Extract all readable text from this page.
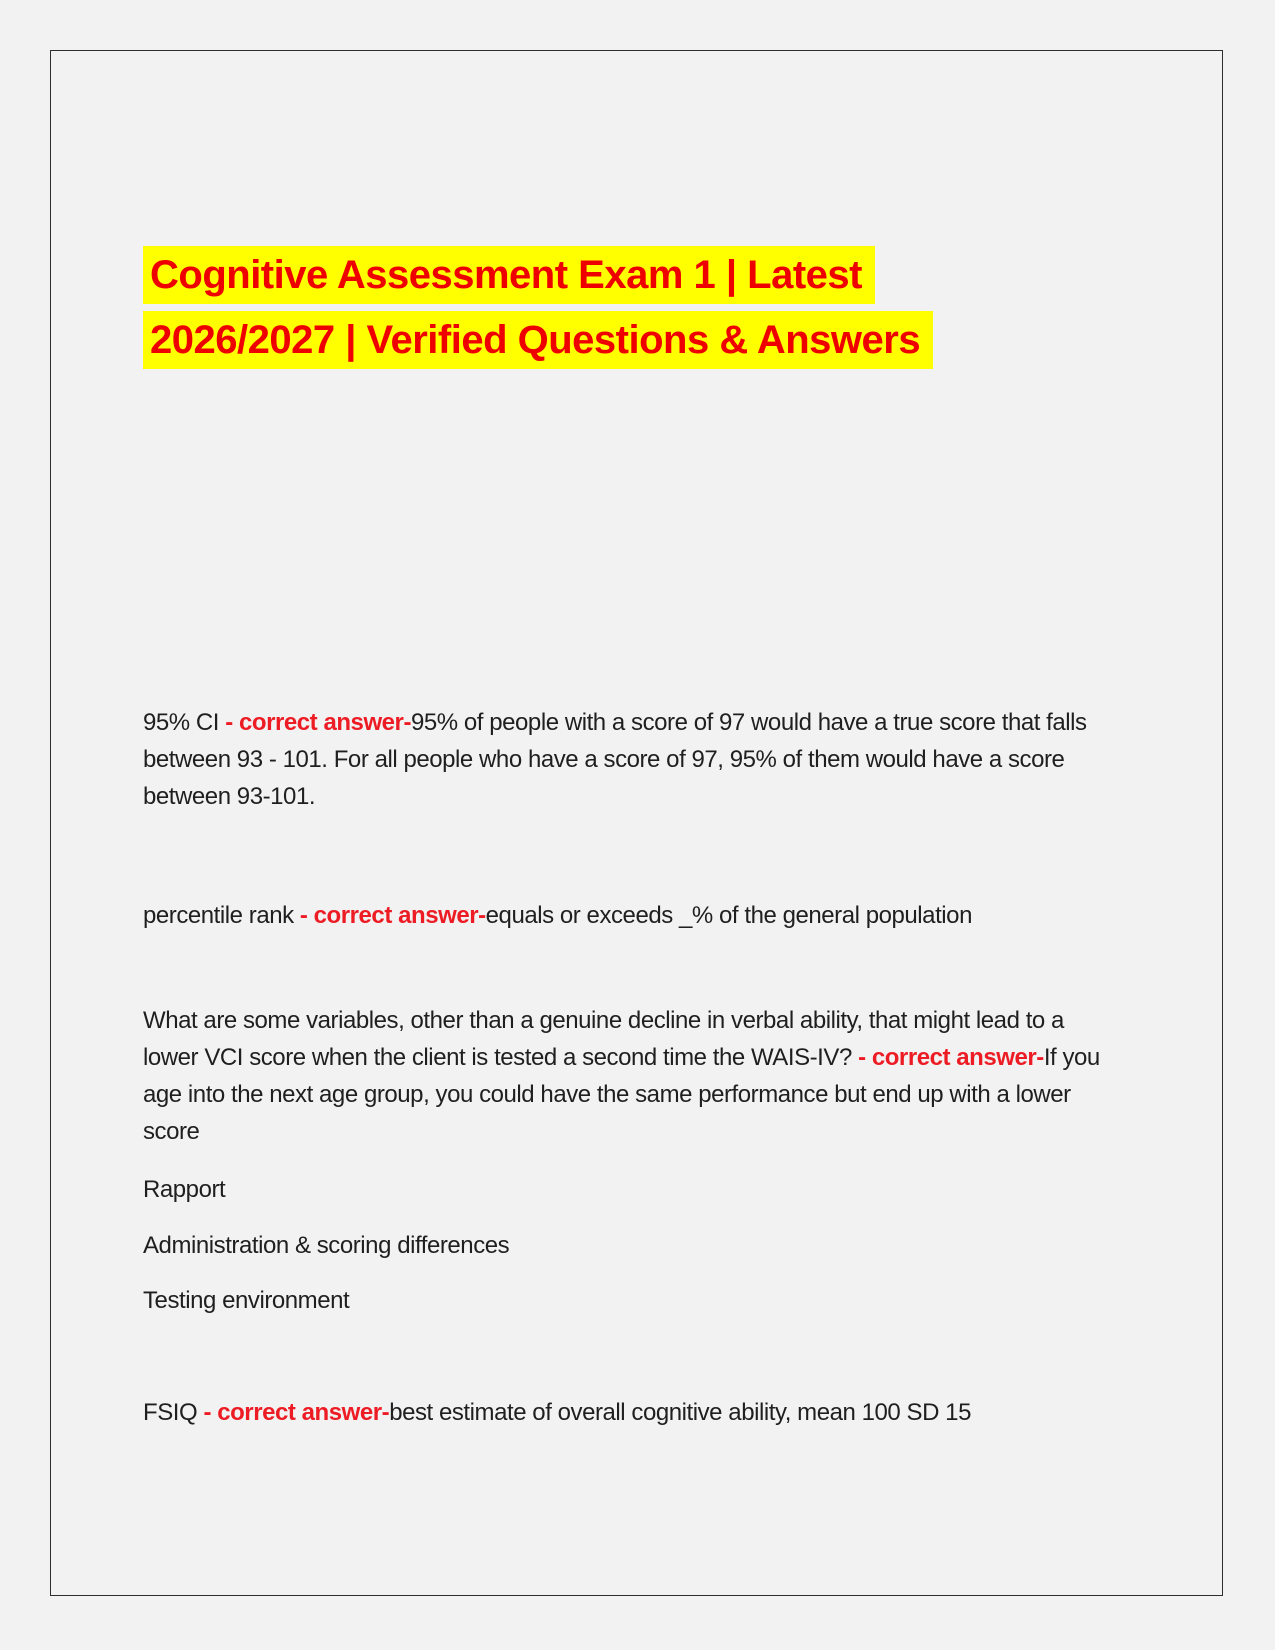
Cognitive Assessment Exam 1 | Latest
2026/2027 | Verified Questions & Answers

95% CI - correct answer-95% of people with a score of 97 would have a true score that falls between 93 - 101. For all people who have a score of 97, 95% of them would have a score between 93-101.

percentile rank - correct answer-equals or exceeds _% of the general population

What are some variables, other than a genuine decline in verbal ability, that might lead to a lower VCI score when the client is tested a second time the WAIS-IV? - correct answer-If you age into the next age group, you could have the same performance but end up with a lower score

Rapport

Administration & scoring differences

Testing environment

FSIQ - correct answer-best estimate of overall cognitive ability, mean 100 SD 15
